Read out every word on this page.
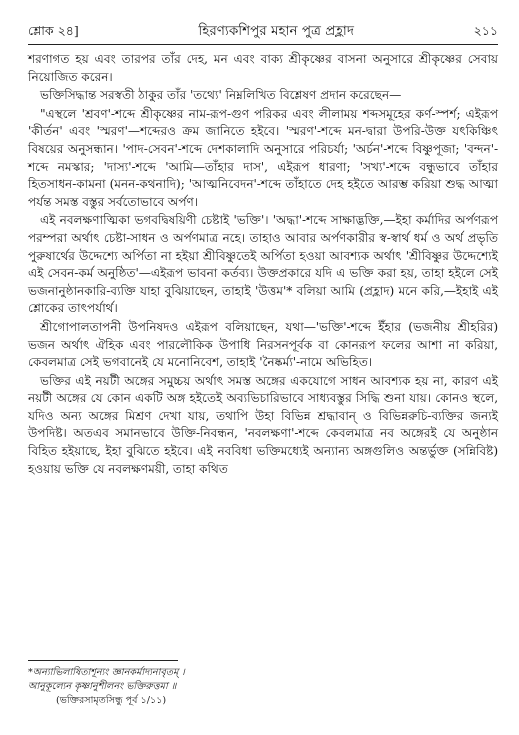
শ্লোক ২৪]	হিরণ্যকশিপুর মহান পুত্র প্রহ্লাদ	২১১

শরণাগত হয় এবং তারপর তাঁর দেহ, মন এবং বাক্য শ্রীকৃষ্ণের বাসনা অনুসারে শ্রীকৃষ্ণের সেবায় নিয়োজিত করেন।

ভক্তিসিদ্ধান্ত সরস্বতী ঠাকুর তাঁর 'তথ্যে' নিম্নলিখিত বিশ্লেষণ প্রদান করেছেন—

"এস্থলে 'শ্রবণ'-শব্দে শ্রীকৃষ্ণের নাম-রূপ-গুণ পরিকর এবং লীলাময় শব্দসমূহের কর্ণ-স্পর্শ; এইরূপ 'কীর্তন' এবং 'স্মরণ'—শব্দেরও ক্রম জানিতে হইবে। 'স্মরণ'-শব্দে মন-দ্বারা উপরি-উক্ত যৎকিঞ্চিৎ বিষয়ের অনুসন্ধান। 'পাদ-সেবন'-শব্দে দেশকালাদি অনুসারে পরিচর্যা; 'অর্চন'-শব্দে বিষ্ণুপূজা; 'বন্দন'-শব্দে নমস্কার; 'দাস্য'-শব্দে 'আমি—তাঁহার দাস', এইরূপ ধারণা; 'সখ্য'-শব্দে বন্ধুভাবে তাঁহার হিতসাধন-কামনা (মনন-কথনাদি); 'আত্মনিবেদন'-শব্দে তাঁহাতে দেহ হইতে আরম্ভ করিয়া শুদ্ধ আত্মা পর্যন্ত সমস্ত বস্তুর সর্বতোভাবে অর্পণ।

এই নবলক্ষণাত্মিকা ভগবদ্বিষয়িণী চেষ্টাই 'ভক্তি'। 'অদ্ধা'-শব্দে সাক্ষাদ্ভক্তি,—ইহা কর্মাদির অর্পণরূপ পরম্পরা অর্থাৎ চেষ্টা-সাধন ও অর্পণমাত্র নহে। তাহাও আবার অর্পণকারীর স্ব-স্বার্থ ধর্ম ও অর্থ প্রভৃতি পুরুষার্থের উদ্দেশ্যে অর্পিতা না হইয়া শ্রীবিষ্ণুতেই অর্পিতা হওয়া আবশ্যক অর্থাৎ 'শ্রীবিষ্ণুর উদ্দেশ্যেই এই সেবন-কর্ম অনুষ্ঠিত'—এইরূপ ভাবনা কর্তব্য। উক্তপ্রকারে যদি এ ভক্তি করা হয়, তাহা হইলে সেই ভজনানুষ্ঠানকারি-ব্যক্তি যাহা বুঝিয়াছেন, তাহাই 'উত্তম'* বলিয়া আমি (প্রহ্লাদ) মনে করি,—ইহাই এই শ্লোকের তাৎপর্যার্থ।

শ্রীগোপালতাপনী উপনিষদও এইরূপ বলিয়াছেন, যথা—'ভক্তি'-শব্দে ইঁহার (ভজনীয় শ্রীহরির) ভজন অর্থাৎ ঐহিক এবং পারলৌকিক উপাধি নিরসনপূর্বক বা কোনরূপ ফলের আশা না করিয়া, কেবলমাত্র সেই ভগবানেই যে মনোনিবেশ, তাহাই 'নৈষ্কর্ম্য'-নামে অভিহিত।

ভক্তির এই নয়টী অঙ্গের সমুচ্চয় অর্থাৎ সমস্ত অঙ্গের একযোগে সাধন আবশ্যক হয় না, কারণ এই নয়টী অঙ্গের যে কোন একটি অঙ্গ হইতেই অব্যভিচারিভাবে সাধ্যবস্তুর সিদ্ধি শুনা যায়। কোনও স্থলে, যদিও অন্য অঙ্গের মিশ্রণ দেখা যায়, তথাপি উহা বিভিন্ন শ্রদ্ধাবান্‌ ও বিভিন্নরুচি-ব্যক্তির জন্যই উপদিষ্ট। অতএব সমানভাবে উক্তি-নিবন্ধন, 'নবলক্ষণা'-শব্দে কেবলমাত্র নব অঙ্গেরই যে অনুষ্ঠান বিহিত হইয়াছে, ইহা বুঝিতে হইবে। এই নববিধা ভক্তিমধ্যেই অন্যান্য অঙ্গগুলিও অন্তর্ভুক্ত (সন্নিবিষ্ট) হওয়ায় ভক্তি যে নবলক্ষণময়ী, তাহা কথিত

*অন্যাভিলাষিতাশূন্যং জ্ঞানকর্মাদ্যনাবৃতম্‌ ।
আনুকূল্যেন কৃষ্ণানুশীলনং ভক্তিরুত্তমা ॥
(ভক্তিরসামৃতসিন্ধু পূর্ব ১/১১)
